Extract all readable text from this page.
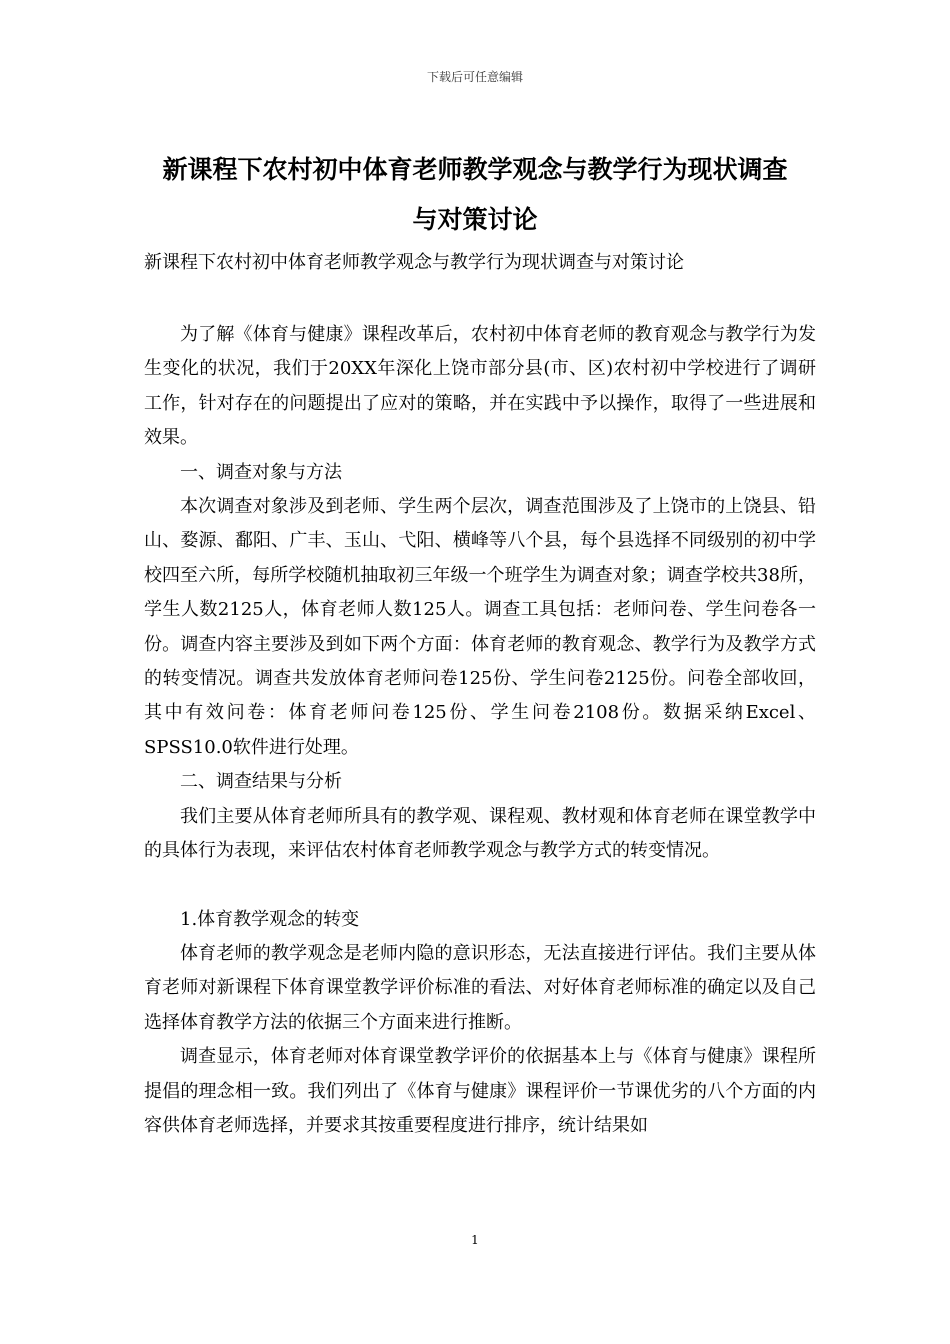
下载后可任意编辑
新课程下农村初中体育老师教学观念与教学行为现状调查
与对策讨论
新课程下农村初中体育老师教学观念与教学行为现状调查与对策讨论

为了解《体育与健康》课程改革后，农村初中体育老师的教育观念与教学行为发生变化的状况，我们于20XX年深化上饶市部分县(市、区)农村初中学校进行了调研工作，针对存在的问题提出了应对的策略，并在实践中予以操作，取得了一些进展和效果。

一、调查对象与方法

本次调查对象涉及到老师、学生两个层次，调查范围涉及了上饶市的上饶县、铅山、婺源、鄱阳、广丰、玉山、弋阳、横峰等八个县，每个县选择不同级别的初中学校四至六所，每所学校随机抽取初三年级一个班学生为调查对象；调查学校共38所，学生人数2125人，体育老师人数125人。调查工具包括：老师问卷、学生问卷各一份。调查内容主要涉及到如下两个方面：体育老师的教育观念、教学行为及教学方式的转变情况。调查共发放体育老师问卷125份、学生问卷2125份。问卷全部收回，其中有效问卷：体育老师问卷125份、学生问卷2108份。数据采纳Excel、SPSS10.0软件进行处理。

二、调查结果与分析

我们主要从体育老师所具有的教学观、课程观、教材观和体育老师在课堂教学中的具体行为表现，来评估农村体育老师教学观念与教学方式的转变情况。

1.体育教学观念的转变

体育老师的教学观念是老师内隐的意识形态，无法直接进行评估。我们主要从体育老师对新课程下体育课堂教学评价标准的看法、对好体育老师标准的确定以及自己选择体育教学方法的依据三个方面来进行推断。

调查显示，体育老师对体育课堂教学评价的依据基本上与《体育与健康》课程所提倡的理念相一致。我们列出了《体育与健康》课程评价一节课优劣的八个方面的内容供体育老师选择，并要求其按重要程度进行排序，统计结果如

1
